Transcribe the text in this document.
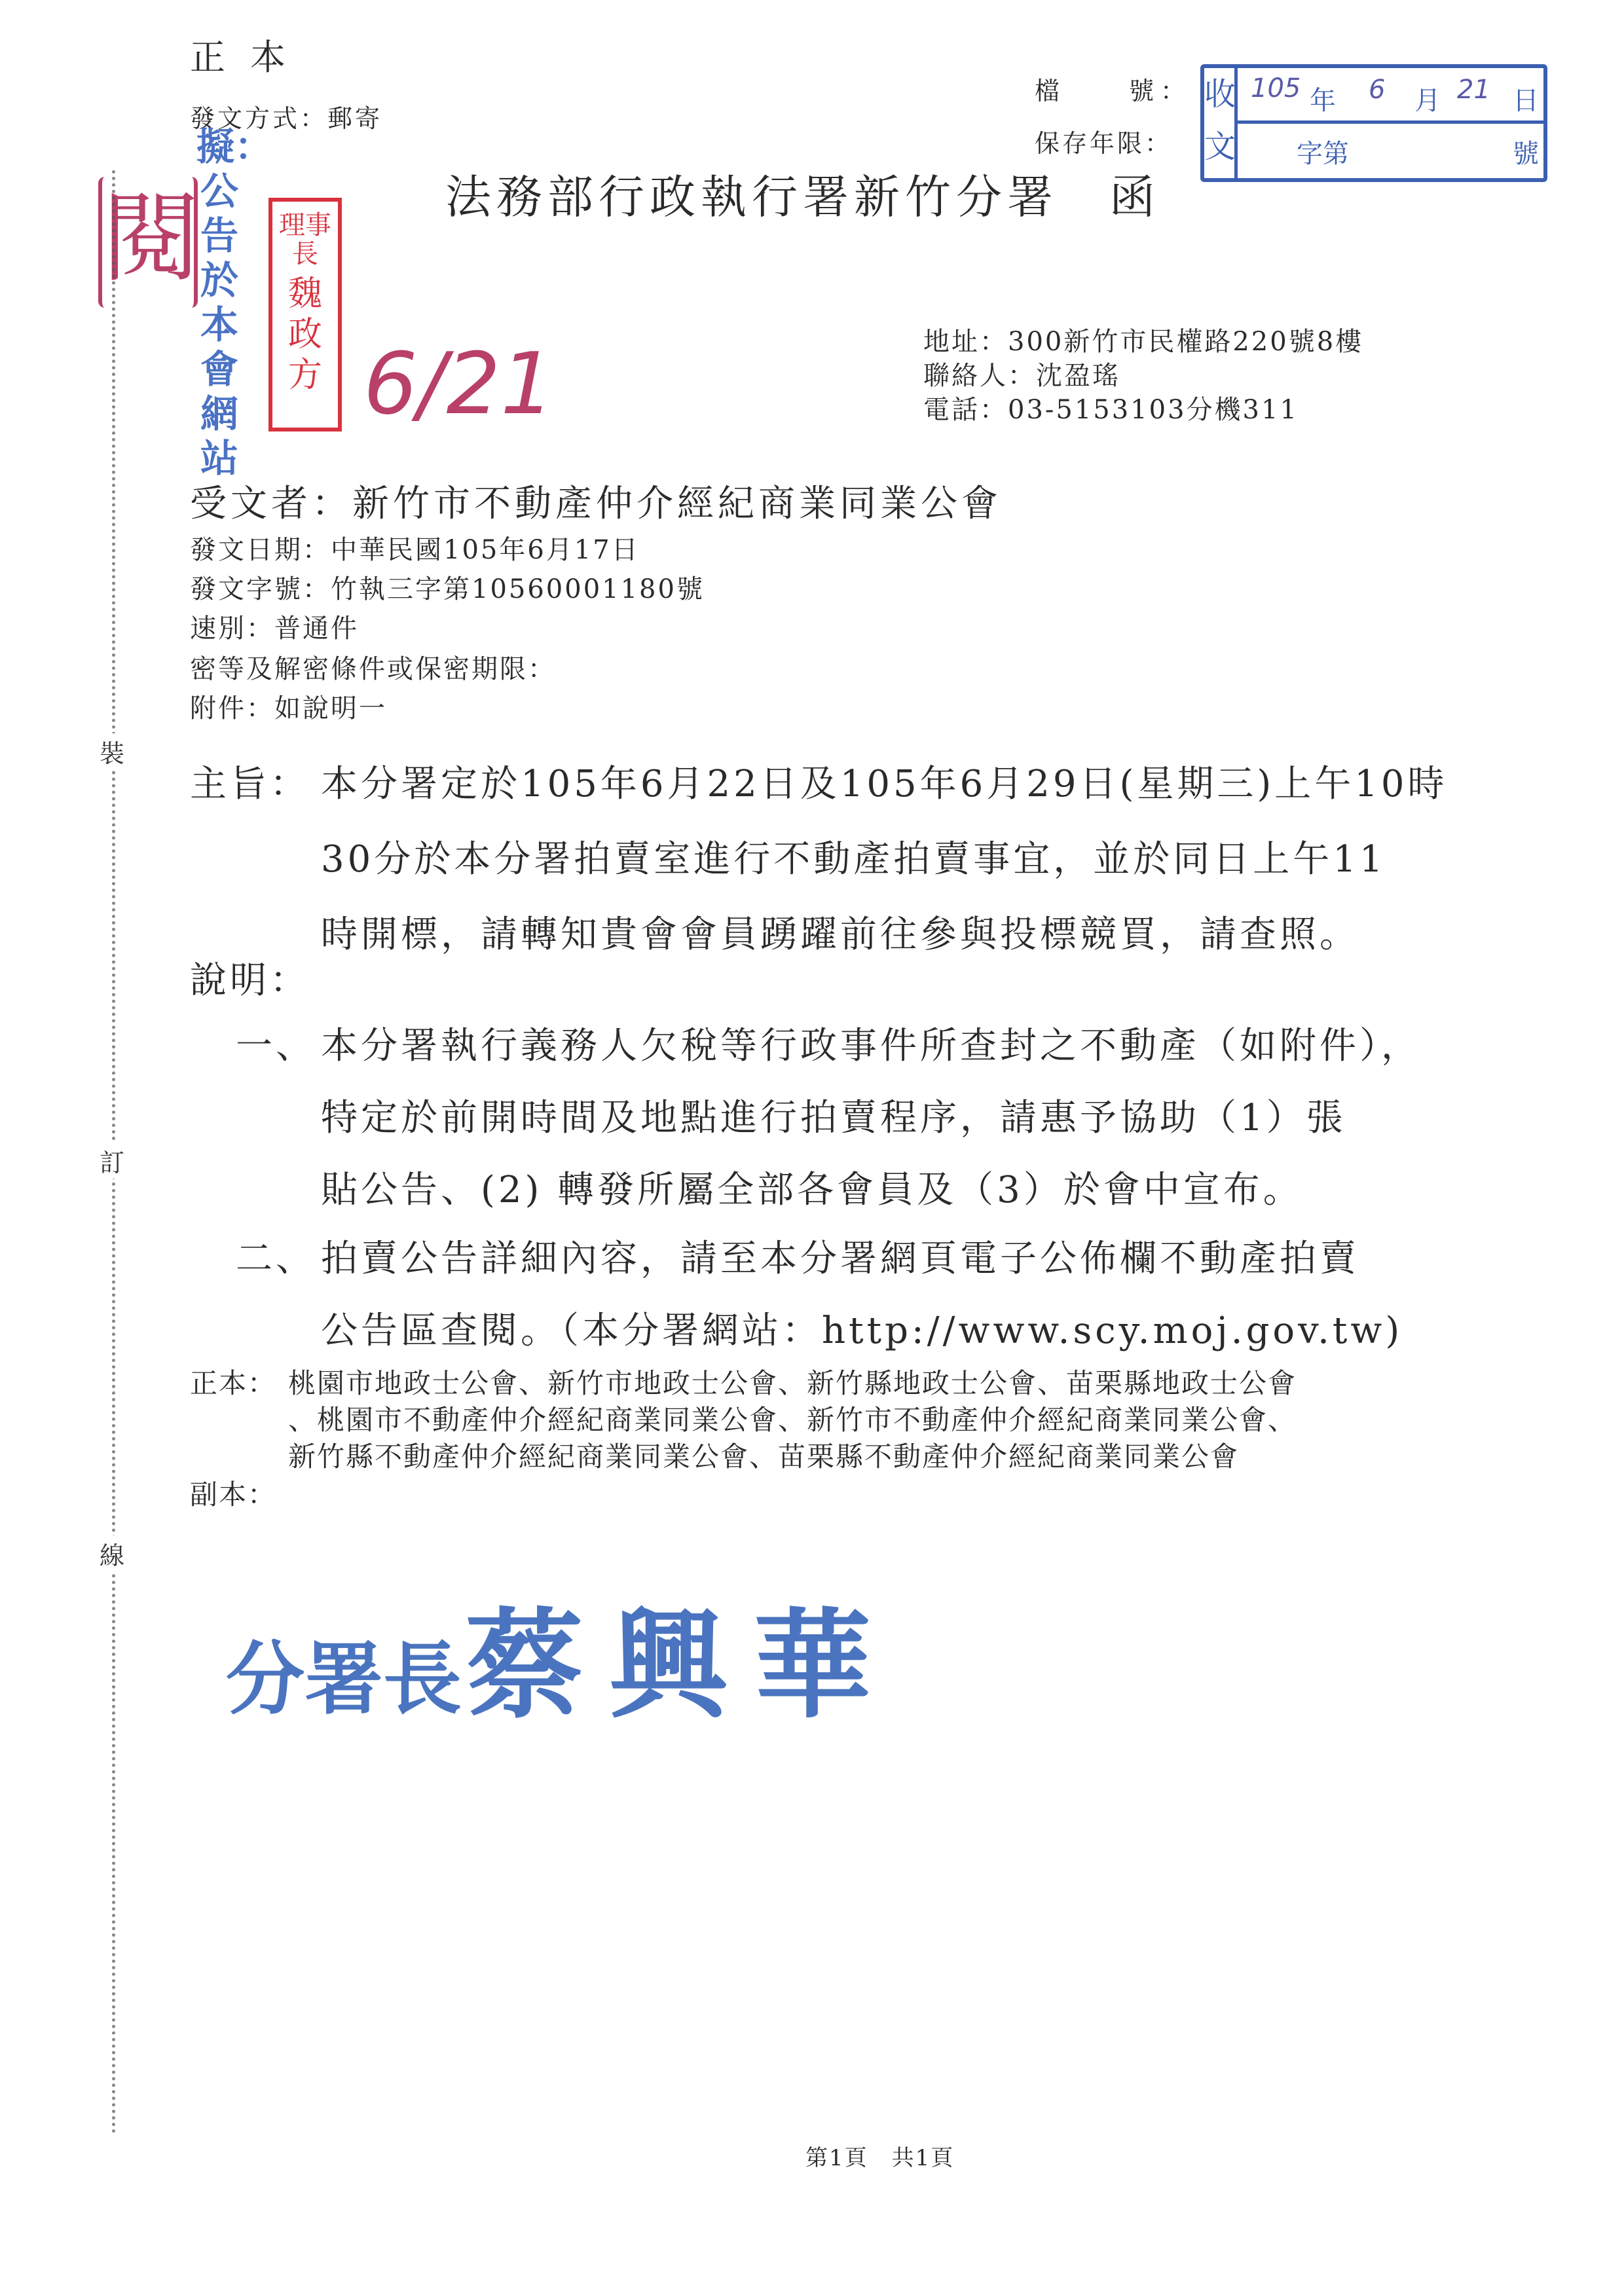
正本
發文方式：郵寄
檔　　號：
保存年限：
收
文
105 年 6 月 21 日
字第	號
法務部行政執行署新竹分署　函
閱
擬：公告於本會網站
理事長
魏政方 6/21	地址：300新竹市民權路220號8樓
聯絡人：沈盈瑤
電話：03-5153103分機311
受文者：新竹市不動產仲介經紀商業同業公會
發文日期：中華民國105年6月17日
發文字號：竹執三字第10560001180號
速別：普通件
密等及解密條件或保密期限：
附件：如說明一
裝
訂
線
主旨： 本分署定於105年6月22日及105年6月29日(星期三)上午10時
30分於本分署拍賣室進行不動產拍賣事宜，並於同日上午11
時開標，請轉知貴會會員踴躍前往參與投標競買，請查照。
說明：
一、 本分署執行義務人欠稅等行政事件所查封之不動產（如附件），
特定於前開時間及地點進行拍賣程序，請惠予協助（1）張
貼公告、(2) 轉發所屬全部各會員及（3）於會中宣布。
二、 拍賣公告詳細內容，請至本分署網頁電子公佈欄不動產拍賣
公告區查閱。（本分署網站：http://www.scy.moj.gov.tw)
正本： 桃園市地政士公會、新竹市地政士公會、新竹縣地政士公會、苗栗縣地政士公會
、桃園市不動產仲介經紀商業同業公會、新竹市不動產仲介經紀商業同業公會、
新竹縣不動產仲介經紀商業同業公會、苗栗縣不動產仲介經紀商業同業公會
副本：
分署長 蔡興華
第1頁　共1頁
